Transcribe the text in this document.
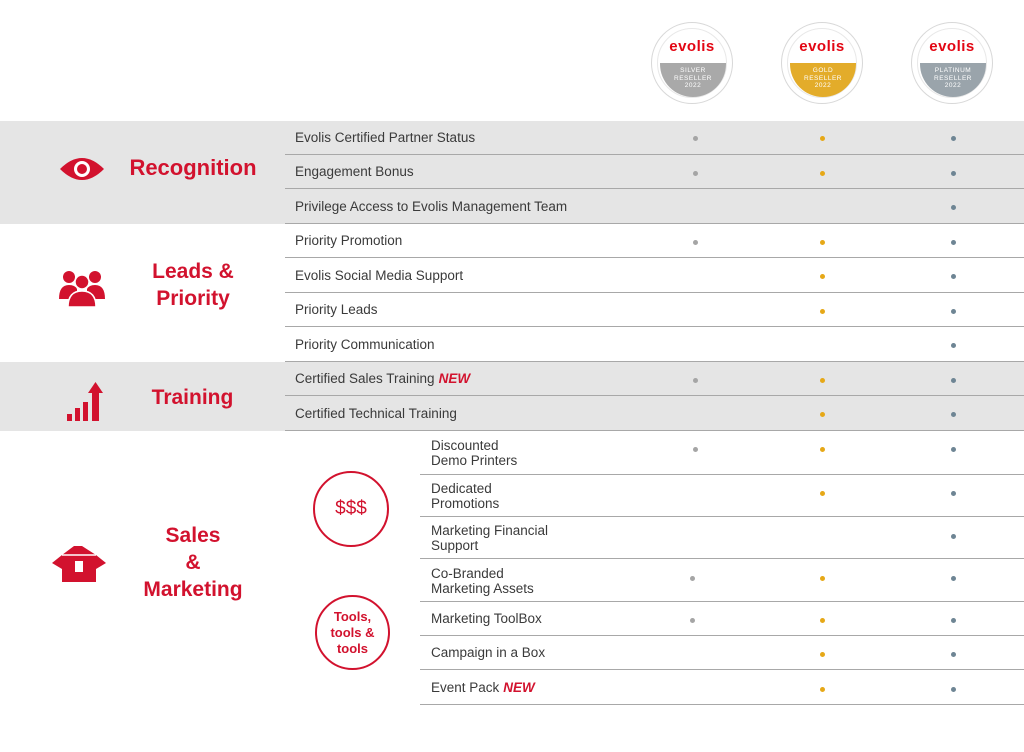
evolis
SILVER
RESELLER
2022
evolis
GOLD
RESELLER
2022
evolis
PLATINUM
RESELLER
2022
Recognition
Leads &
Priority
Training
Sales
&
Marketing
$$$
Tools,
tools &
tools
Evolis Certified Partner Status
Engagement Bonus
Privilege Access to Evolis Management Team
Priority Promotion
Evolis Social Media Support
Priority Leads
Priority Communication
Certified Sales Training NEW
Certified Technical Training
Discounted
Demo Printers
Dedicated
Promotions
Marketing Financial
Support
Co-Branded
Marketing Assets
Marketing ToolBox
Campaign in a Box
Event Pack NEW
